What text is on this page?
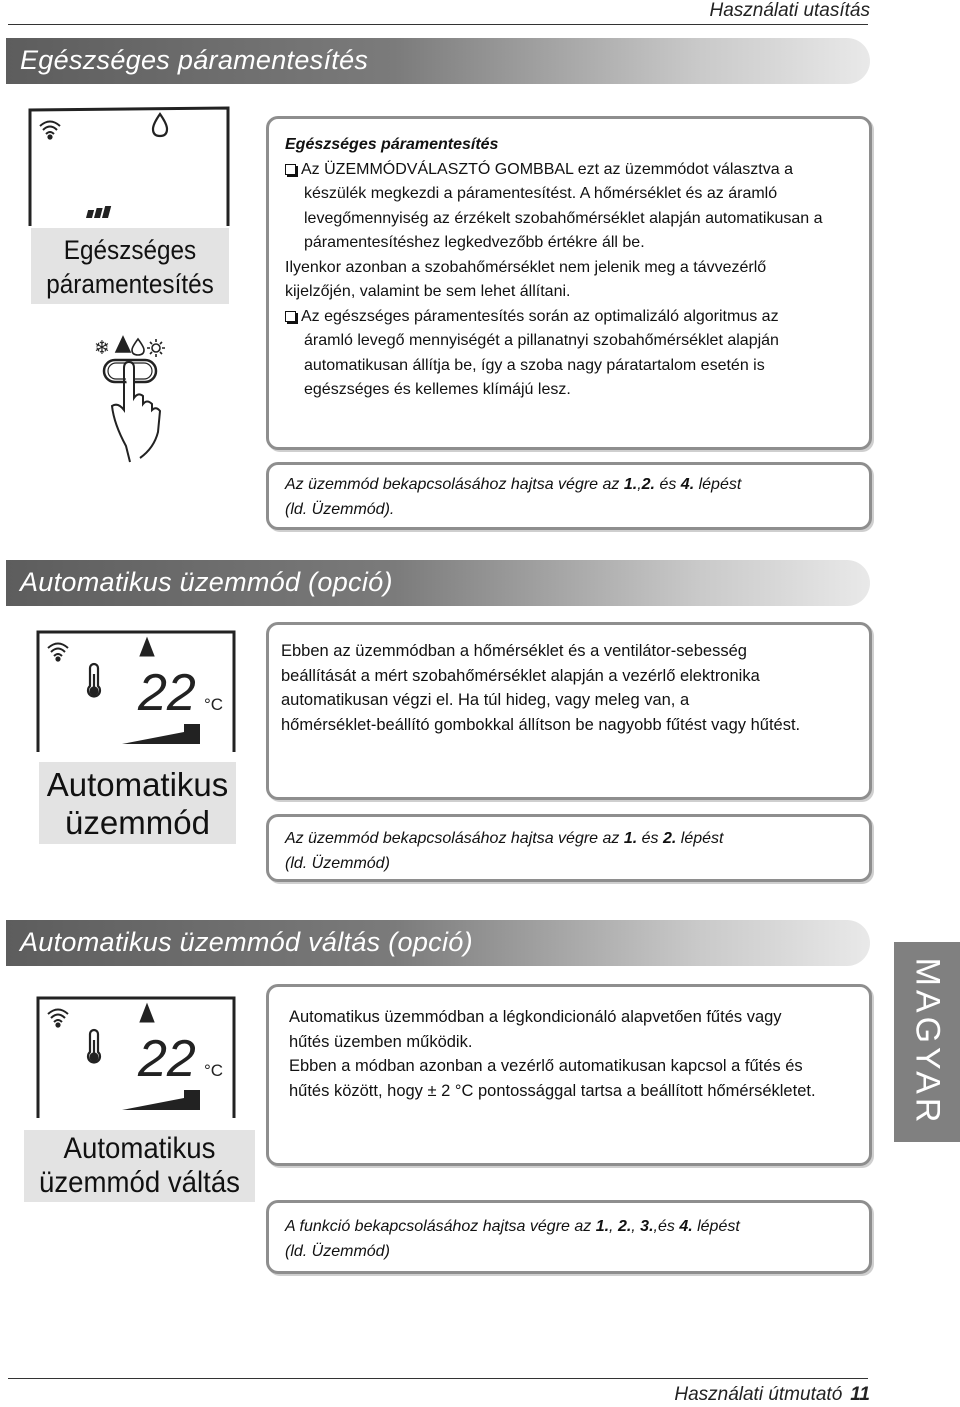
Használati utasítás
Egészséges páramentesítés
❄
Egészséges
páramentesítés
Egészséges páramentesítés
Az ÜZEMMÓDVÁLASZTÓ GOMBBAL ezt az üzemmódot választva a
készülék megkezdi a páramentesítést. A hőmérséklet és az áramló
levegőmennyiség az érzékelt szobahőmérséklet alapján automatikusan a
páramentesítéshez legkedvezőbb értékre áll be.
Ilyenkor azonban a szobahőmérséklet nem jelenik meg a távvezérlő
kijelzőjén, valamint be sem lehet állítani.
Az egészséges páramentesítés során az optimalizáló algoritmus az
áramló levegő mennyiségét a pillanatnyi szobahőmérséklet alapján
automatikusan állítja be, így a szoba nagy páratartalom esetén is
egészséges és kellemes klímájú lesz.
Az üzemmód bekapcsolásához hajtsa végre az 1.,2. és 4. lépést
(ld. Üzemmód).
Automatikus üzemmód (opció)
22 °C
Automatikus
üzemmód
Ebben az üzemmódban a hőmérséklet és a ventilátor-sebesség
beállítását a mért szobahőmérséklet alapján a vezérlő elektronika
automatikusan végzi el. Ha túl hideg, vagy meleg van, a
hőmérséklet-beállító gombokkal állítson be nagyobb fűtést vagy hűtést.
Az üzemmód bekapcsolásához hajtsa végre az 1. és 2. lépést
(ld. Üzemmód)
Automatikus üzemmód váltás (opció)
22 °C
Automatikus
üzemmód váltás
Automatikus üzemmódban a légkondicionáló alapvetően fűtés vagy
hűtés üzemben működik.
Ebben a módban azonban a vezérlő automatikusan kapcsol a fűtés és
hűtés között, hogy ± 2 °C pontossággal tartsa a beállított hőmérsékletet.
A funkció bekapcsolásához hajtsa végre az 1., 2., 3.,és 4. lépést
(ld. Üzemmód)
MAGYAR
Használati útmutató 11
